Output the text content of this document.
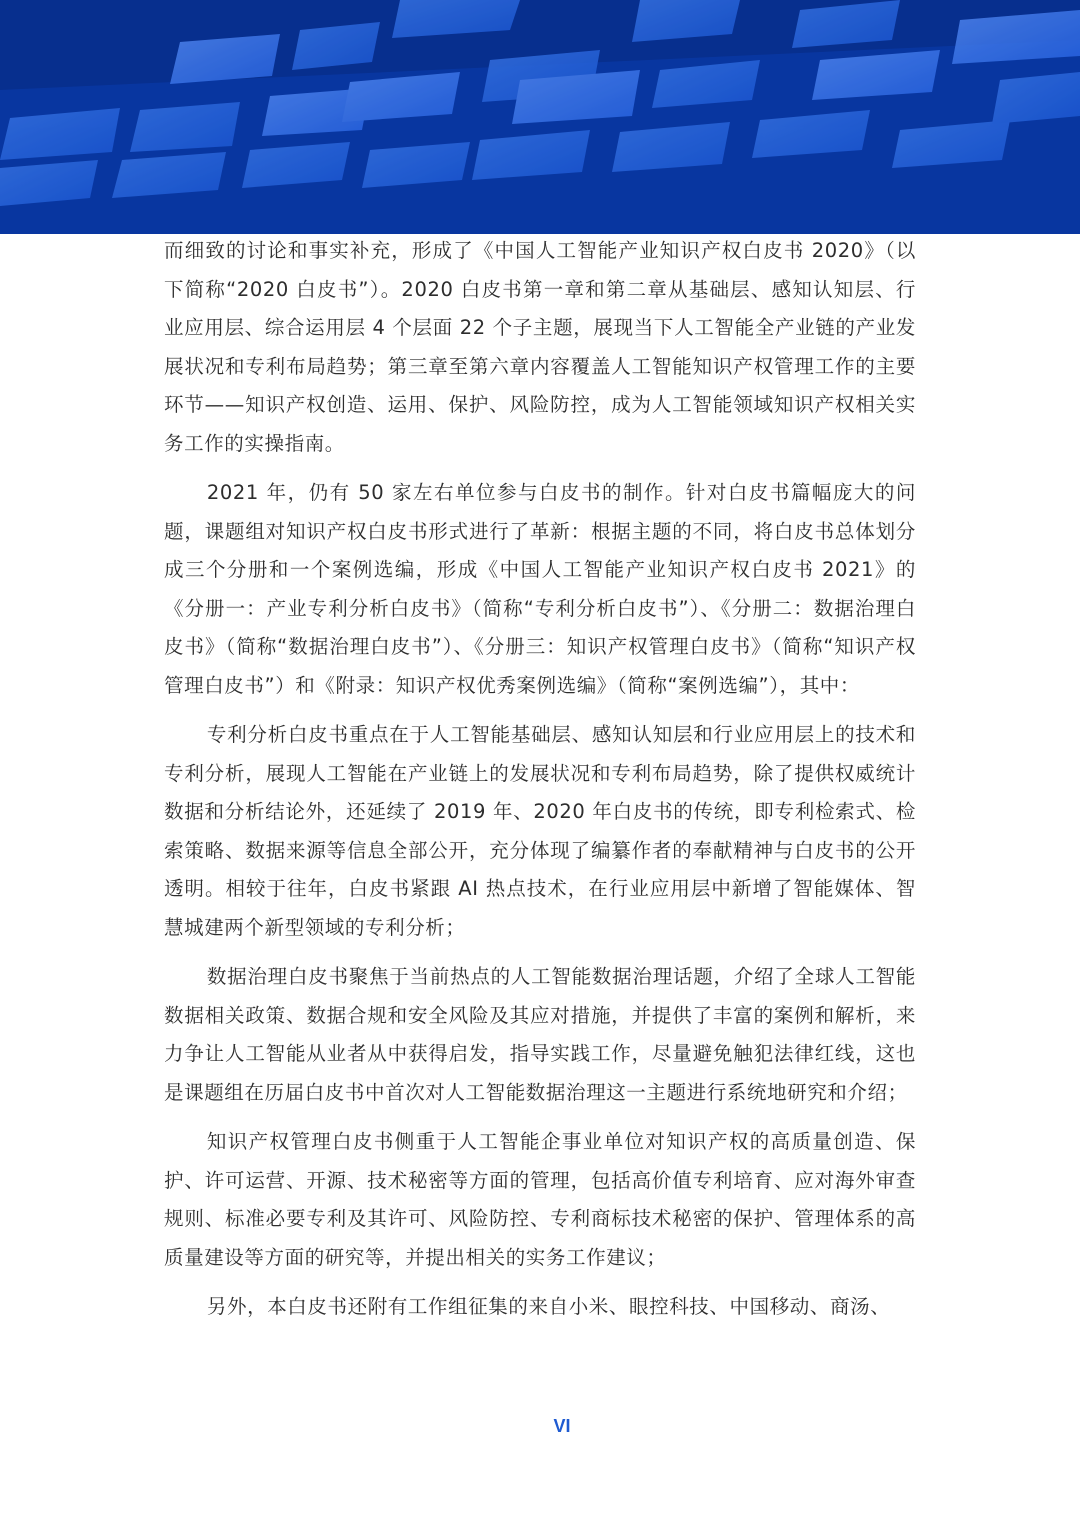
而细致的讨论和事实补充，形成了《中国人工智能产业知识产权白皮书 2020》（以下简称“2020 白皮书”）。2020 白皮书第一章和第二章从基础层、感知认知层、行业应用层、综合运用层 4 个层面 22 个子主题，展现当下人工智能全产业链的产业发展状况和专利布局趋势；第三章至第六章内容覆盖人工智能知识产权管理工作的主要环节——知识产权创造、运用、保护、风险防控，成为人工智能领域知识产权相关实务工作的实操指南。

2021 年，仍有 50 家左右单位参与白皮书的制作。针对白皮书篇幅庞大的问题，课题组对知识产权白皮书形式进行了革新：根据主题的不同，将白皮书总体划分成三个分册和一个案例选编，形成《中国人工智能产业知识产权白皮书 2021》的《分册一：产业专利分析白皮书》（简称“专利分析白皮书”）、《分册二：数据治理白皮书》（简称“数据治理白皮书”）、《分册三：知识产权管理白皮书》（简称“知识产权管理白皮书”）和《附录：知识产权优秀案例选编》（简称“案例选编”），其中：

专利分析白皮书重点在于人工智能基础层、感知认知层和行业应用层上的技术和专利分析，展现人工智能在产业链上的发展状况和专利布局趋势，除了提供权威统计数据和分析结论外，还延续了 2019 年、2020 年白皮书的传统，即专利检索式、检索策略、数据来源等信息全部公开，充分体现了编纂作者的奉献精神与白皮书的公开透明。相较于往年，白皮书紧跟 AI 热点技术，在行业应用层中新增了智能媒体、智慧城建两个新型领域的专利分析；

数据治理白皮书聚焦于当前热点的人工智能数据治理话题，介绍了全球人工智能数据相关政策、数据合规和安全风险及其应对措施，并提供了丰富的案例和解析，来力争让人工智能从业者从中获得启发，指导实践工作，尽量避免触犯法律红线，这也是课题组在历届白皮书中首次对人工智能数据治理这一主题进行系统地研究和介绍；

知识产权管理白皮书侧重于人工智能企事业单位对知识产权的高质量创造、保护、许可运营、开源、技术秘密等方面的管理，包括高价值专利培育、应对海外审查规则、标准必要专利及其许可、风险防控、专利商标技术秘密的保护、管理体系的高质量建设等方面的研究等，并提出相关的实务工作建议；

另外，本白皮书还附有工作组征集的来自小米、眼控科技、中国移动、商汤、

VI
